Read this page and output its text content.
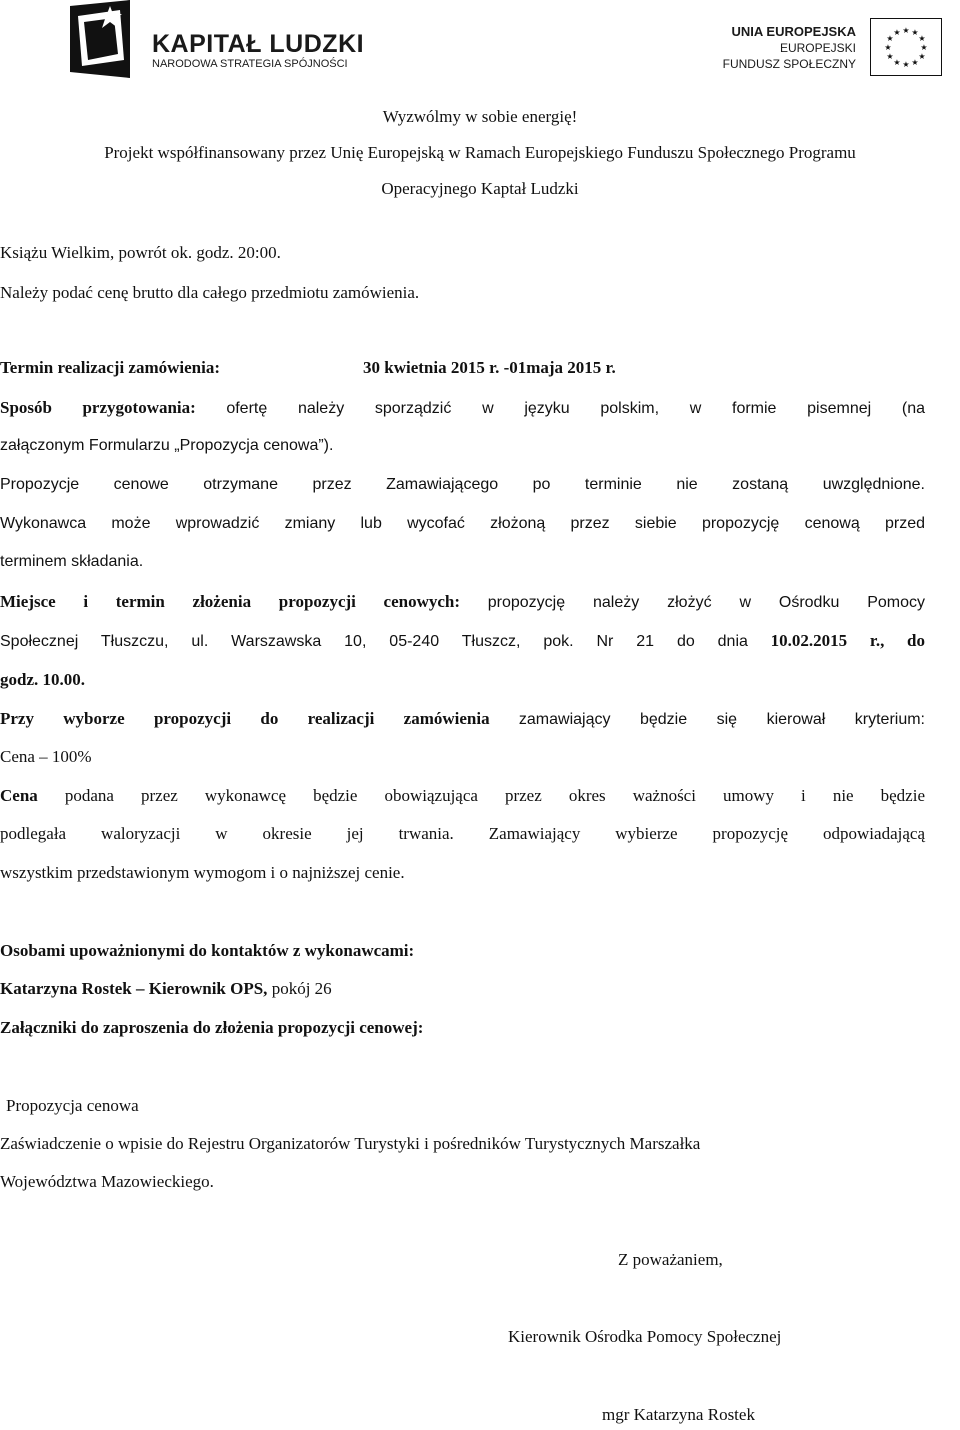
KAPITAŁ LUDZKI
NARODOWA STRATEGIA SPÓJNOŚCI
UNIA EUROPEJSKA
EUROPEJSKI
FUNDUSZ SPOŁECZNY
★ ★
★
★
★
★
★
★
★
★
★
★
Wyzwólmy w sobie energię!
Projekt współfinansowany przez Unię Europejską w Ramach Europejskiego Funduszu Społecznego Programu
Operacyjnego Kaptał Ludzki
Książu Wielkim, powrót ok. godz. 20:00.
Należy podać cenę brutto dla całego przedmiotu zamówienia.
Termin realizacji zamówienia:	30 kwietnia 2015 r. -01maja 2015 r.
Sposób przygotowania: ofertę należy sporządzić w języku polskim, w formie pisemnej (na
załączonym Formularzu „Propozycja cenowa”).
Propozycje cenowe otrzymane przez Zamawiającego po terminie nie zostaną uwzględnione.
Wykonawca może wprowadzić zmiany lub wycofać złożoną przez siebie propozycję cenową przed
terminem składania.
Miejsce i termin złożenia propozycji cenowych: propozycję należy złożyć w Ośrodku Pomocy
Społecznej Tłuszczu, ul. Warszawska 10, 05-240 Tłuszcz, pok. Nr 21 do dnia 10.02.2015 r., do
godz. 10.00.
Przy wyborze propozycji do realizacji zamówienia zamawiający będzie się kierował kryterium:
Cena – 100%
Cena podana przez wykonawcę będzie obowiązująca przez okres ważności umowy i nie będzie
podlegała waloryzacji w okresie jej trwania. Zamawiający wybierze propozycję odpowiadającą
wszystkim przedstawionym wymogom i o najniższej cenie.
Osobami upoważnionymi do kontaktów z wykonawcami:
Katarzyna Rostek – Kierownik OPS, pokój 26
Załączniki do zaproszenia do złożenia propozycji cenowej:
Propozycja cenowa
Zaświadczenie o wpisie do Rejestru Organizatorów Turystyki i pośredników Turystycznych Marszałka
Województwa Mazowieckiego.
Z poważaniem,
Kierownik Ośrodka Pomocy Społecznej
mgr Katarzyna Rostek
